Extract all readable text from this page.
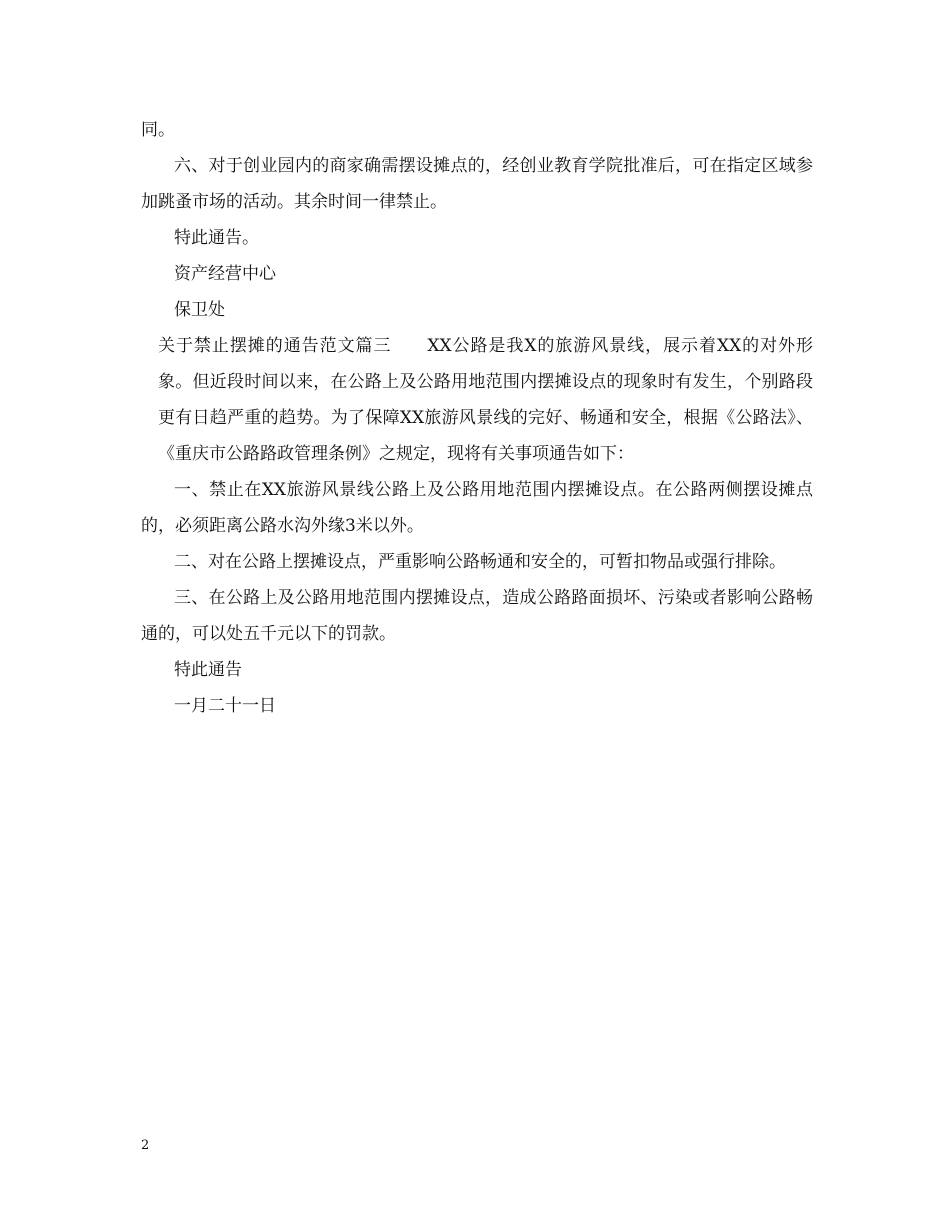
同。

六、对于创业园内的商家确需摆设摊点的，经创业教育学院批准后，可在指定区域参加跳蚤市场的活动。其余时间一律禁止。

特此通告。

资产经营中心

保卫处

关于禁止摆摊的通告范文篇三　　XX公路是我X的旅游风景线，展示着XX的对外形象。但近段时间以来，在公路上及公路用地范围内摆摊设点的现象时有发生，个别路段更有日趋严重的趋势。为了保障XX旅游风景线的完好、畅通和安全，根据《公路法》、《重庆市公路路政管理条例》之规定，现将有关事项通告如下：

一、禁止在XX旅游风景线公路上及公路用地范围内摆摊设点。在公路两侧摆设摊点的，必须距离公路水沟外缘3米以外。

二、对在公路上摆摊设点，严重影响公路畅通和安全的，可暂扣物品或强行排除。

三、在公路上及公路用地范围内摆摊设点，造成公路路面损坏、污染或者影响公路畅通的，可以处五千元以下的罚款。

特此通告

一月二十一日

2
